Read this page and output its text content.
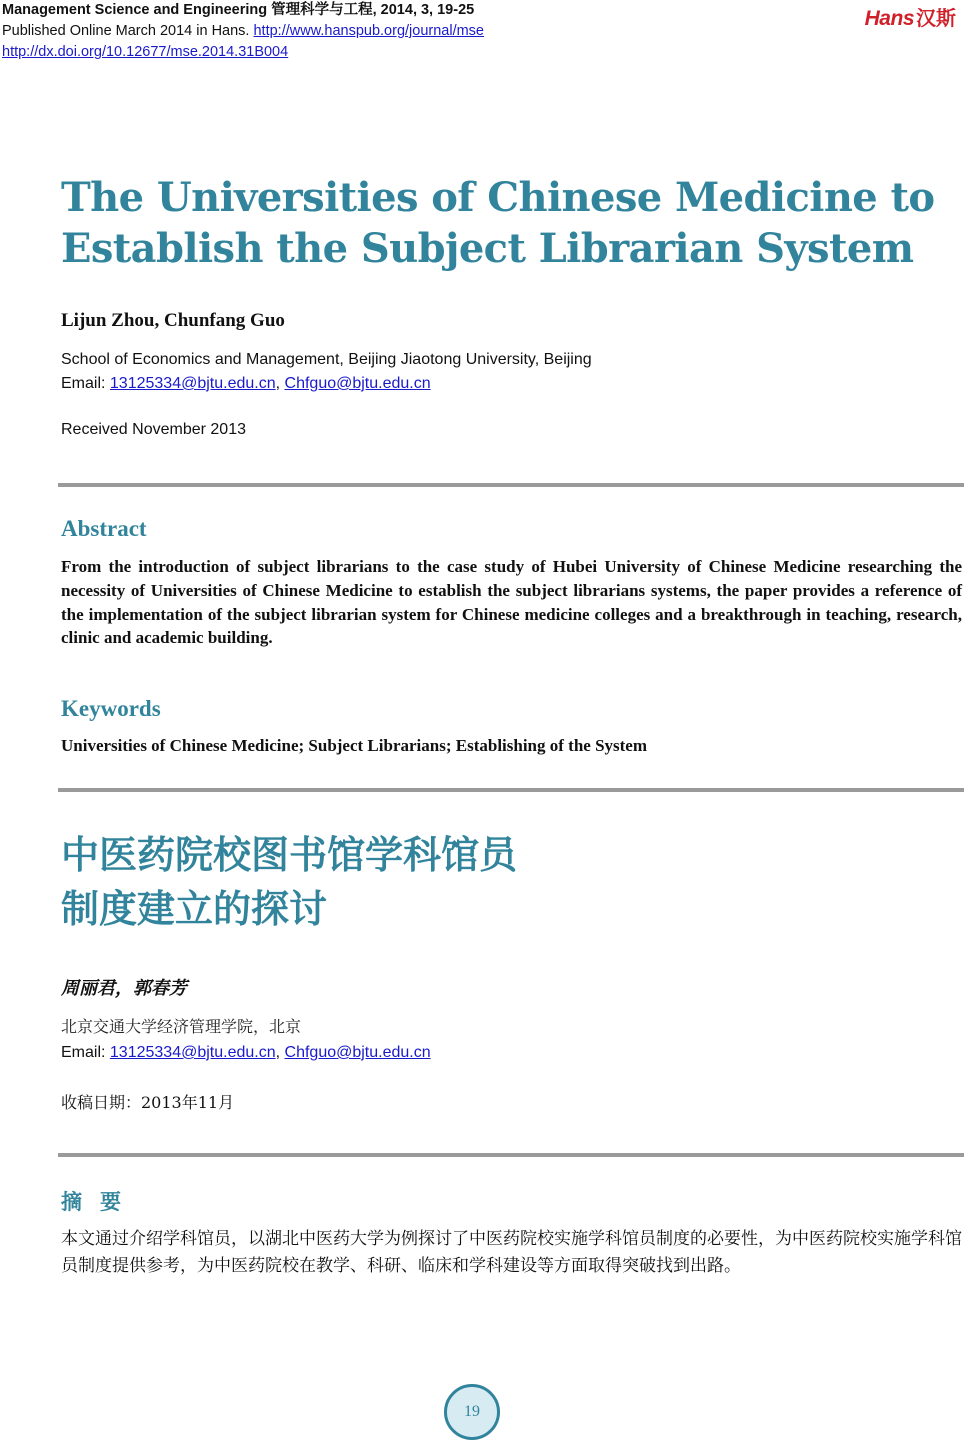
Management Science and Engineering 管理科学与工程, 2014, 3, 19-25
Published Online March 2014 in Hans. http://www.hanspub.org/journal/mse
http://dx.doi.org/10.12677/mse.2014.31B004
Hans 汉斯
The Universities of Chinese Medicine to Establish the Subject Librarian System
Lijun Zhou, Chunfang Guo
School of Economics and Management, Beijing Jiaotong University, Beijing
Email: 13125334@bjtu.edu.cn, Chfguo@bjtu.edu.cn
Received November 2013
Abstract

From the introduction of subject librarians to the case study of Hubei University of Chinese Medicine researching the necessity of Universities of Chinese Medicine to establish the subject librarians systems, the paper provides a reference of the implementation of the subject librarian system for Chinese medicine colleges and a breakthrough in teaching, research, clinic and academic building.

Keywords
Universities of Chinese Medicine; Subject Librarians; Establishing of the System
中医药院校图书馆学科馆员
制度建立的探讨
周丽君，郭春芳
北京交通大学经济管理学院，北京
Email: 13125334@bjtu.edu.cn, Chfguo@bjtu.edu.cn
收稿日期：2013年11月
摘要

本文通过介绍学科馆员，以湖北中医药大学为例探讨了中医药院校实施学科馆员制度的必要性，为中医药院校实施学科馆员制度提供参考，为中医药院校在教学、科研、临床和学科建设等方面取得突破找到出路。

19
